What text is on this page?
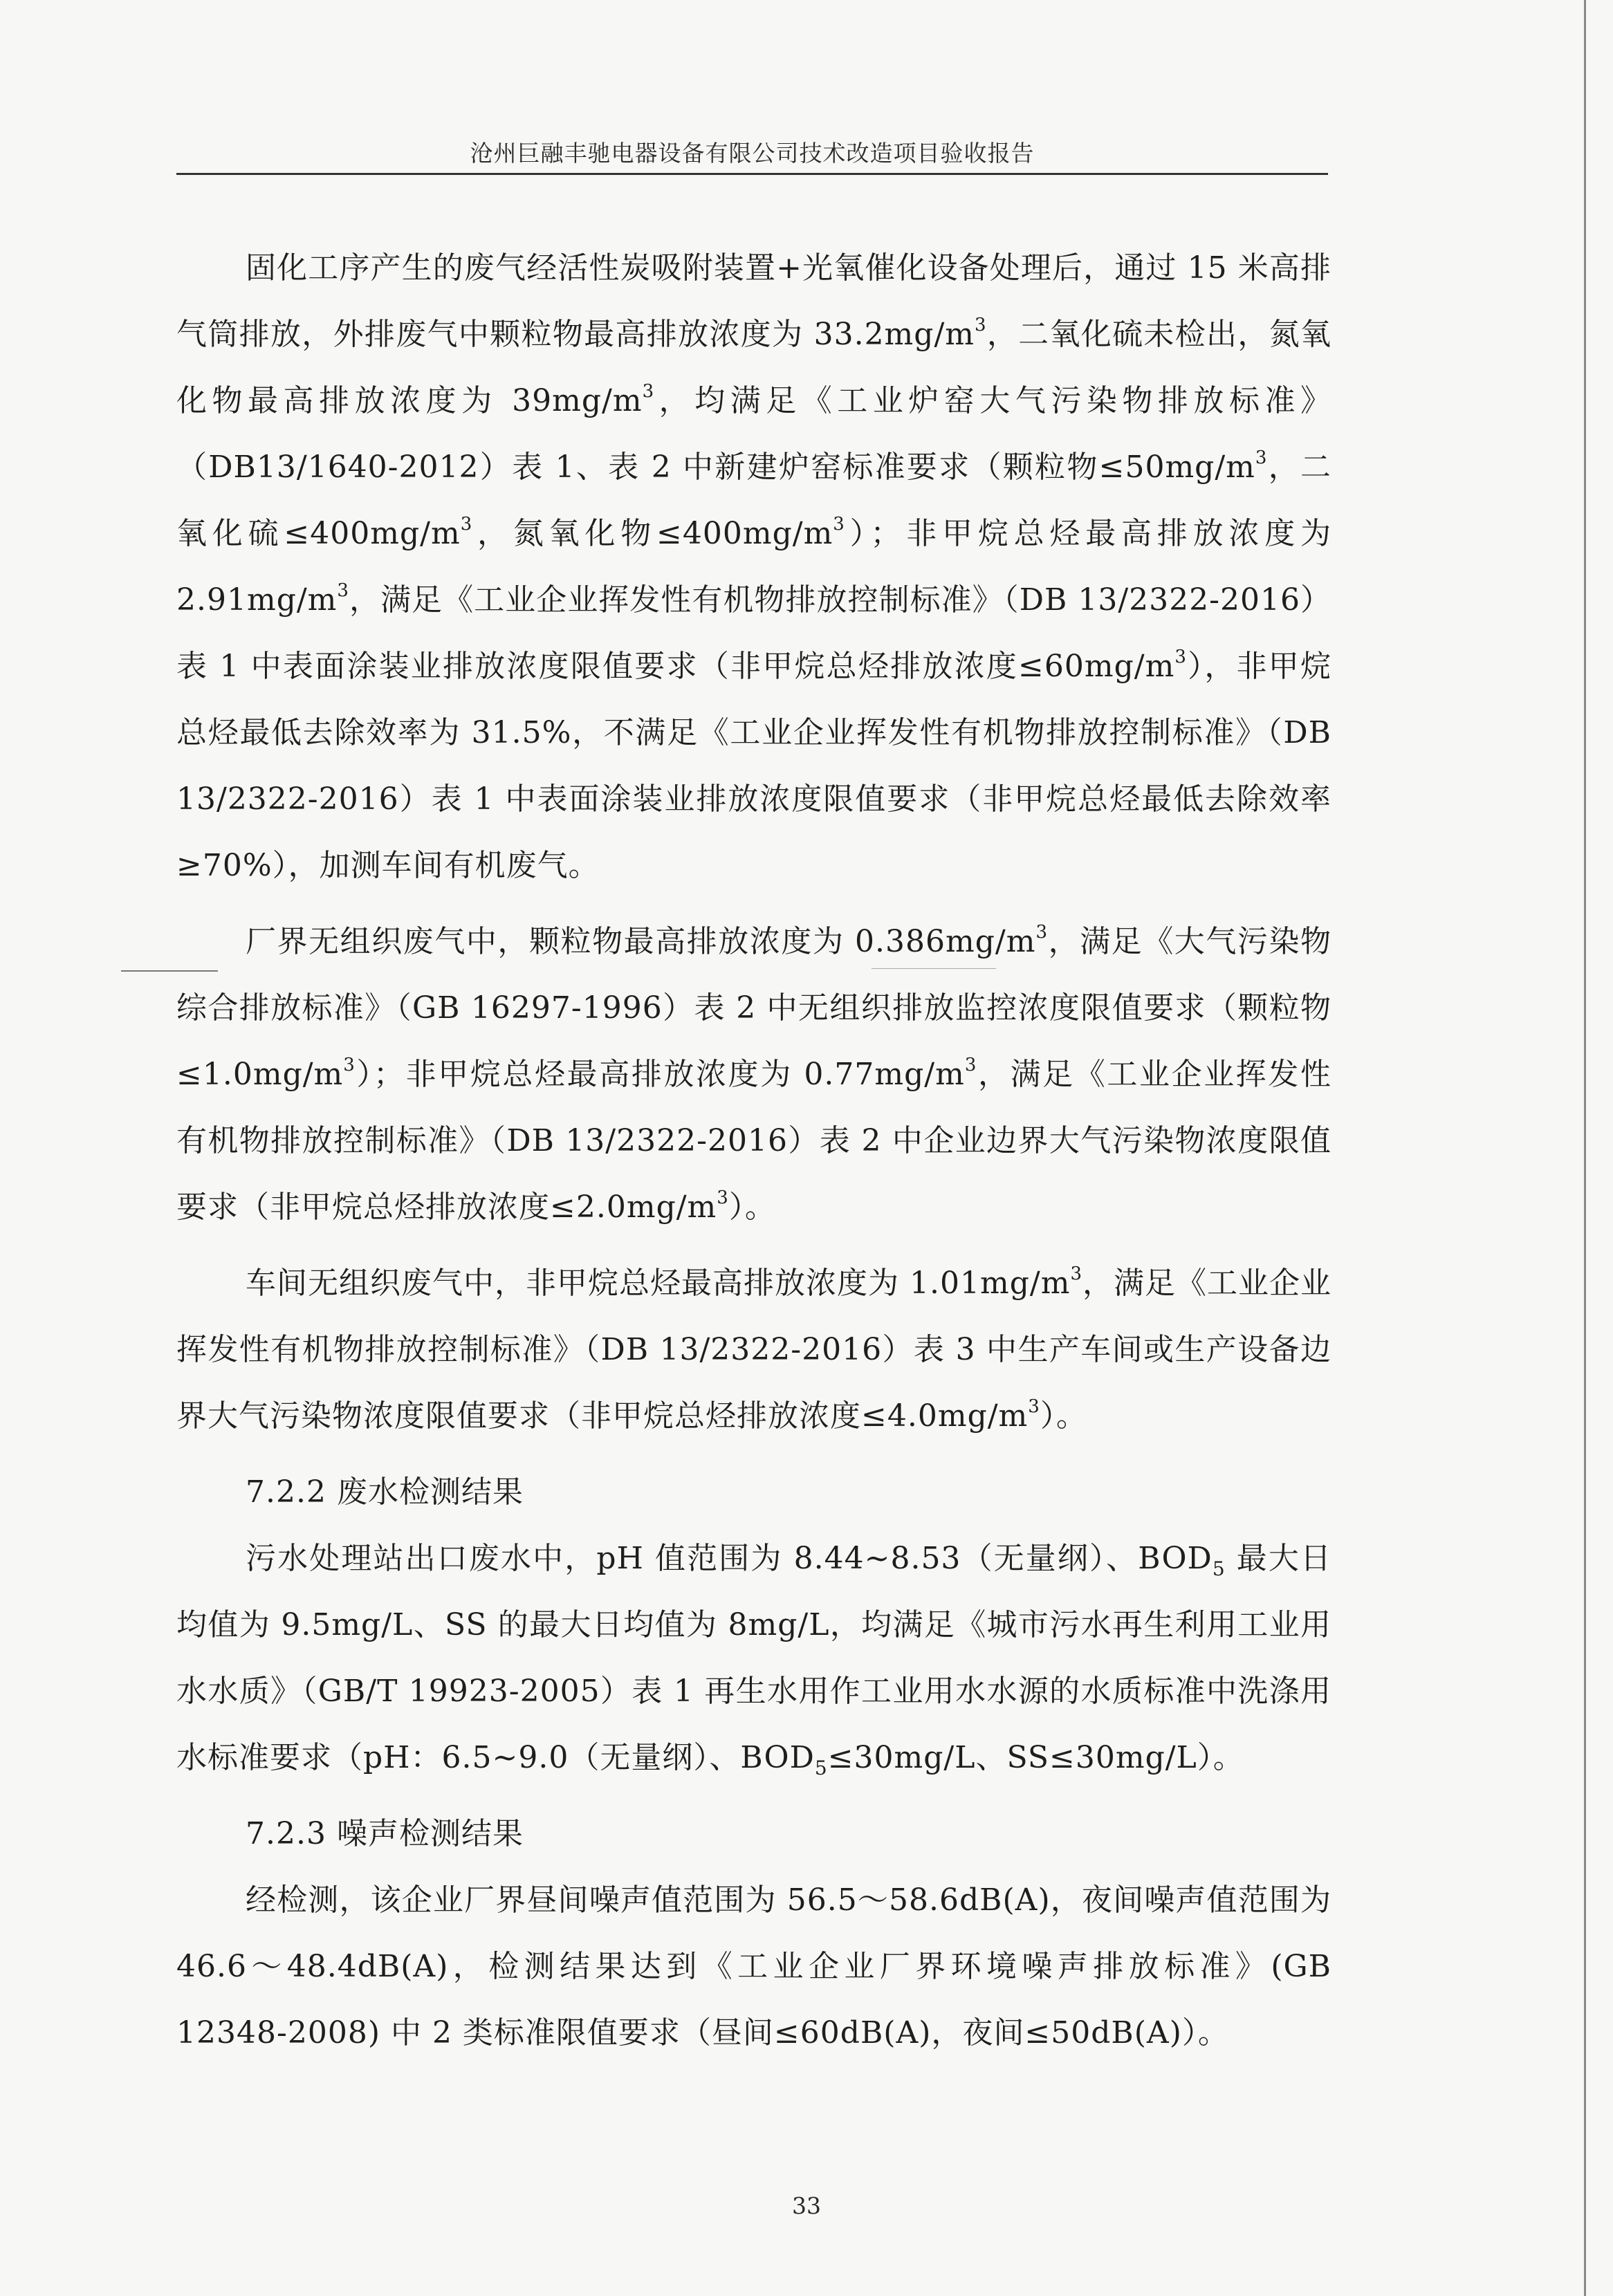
沧州巨融丰驰电器设备有限公司技术改造项目验收报告

固化工序产生的废气经活性炭吸附装置+光氧催化设备处理后，通过 15 米高排气筒排放，外排废气中颗粒物最高排放浓度为 $33.2mg/m^3$，二氧化硫未检出，氮氧化物最高排放浓度为 $39mg/m^3$，均满足《工业炉窑大气污染物排放标准》（DB13/1640-2012）表 1、表 2 中新建炉窑标准要求（颗粒物$\le 50mg/m^3$，二氧化硫$\le 400mg/m^3$，氮氧化物$\le 400mg/m^3$）；非甲烷总烃最高排放浓度为 $2.91mg/m^3$，满足《工业企业挥发性有机物排放控制标准》（DB 13/2322-2016）表 1 中表面涂装业排放浓度限值要求（非甲烷总烃排放浓度$\le 60mg/m^3$），非甲烷总烃最低去除效率为 31.5%，不满足《工业企业挥发性有机物排放控制标准》（DB 13/2322-2016）表 1 中表面涂装业排放浓度限值要求（非甲烷总烃最低去除效率≥70%），加测车间有机废气。

厂界无组织废气中，颗粒物最高排放浓度为 $0.386mg/m^3$，满足《大气污染物综合排放标准》（GB 16297-1996）表 2 中无组织排放监控浓度限值要求（颗粒物$\le 1.0mg/m^3$）；非甲烷总烃最高排放浓度为 $0.77mg/m^3$，满足《工业企业挥发性有机物排放控制标准》（DB 13/2322-2016）表 2 中企业边界大气污染物浓度限值要求（非甲烷总烃排放浓度$\le 2.0mg/m^3$）。

车间无组织废气中，非甲烷总烃最高排放浓度为 $1.01mg/m^3$，满足《工业企业挥发性有机物排放控制标准》（DB 13/2322-2016）表 3 中生产车间或生产设备边界大气污染物浓度限值要求（非甲烷总烃排放浓度$\le 4.0mg/m^3$）。

7.2.2 废水检测结果

污水处理站出口废水中，pH 值范围为 8.44~8.53（无量纲）、$BOD_5$ 最大日均值为 9.5mg/L、SS 的最大日均值为 8mg/L，均满足《城市污水再生利用工业用水水质》（GB/T 19923-2005）表 1 再生水用作工业用水水源的水质标准中洗涤用水标准要求（pH：6.5~9.0（无量纲）、$BOD_5\le 30mg/L$、SS≤30mg/L）。

7.2.3 噪声检测结果

经检测，该企业厂界昼间噪声值范围为 56.5～58.6dB(A)，夜间噪声值范围为 46.6～48.4dB(A)，检测结果达到《工业企业厂界环境噪声排放标准》(GB 12348-2008) 中 2 类标准限值要求（昼间≤60dB(A)，夜间≤50dB(A)）。

33
